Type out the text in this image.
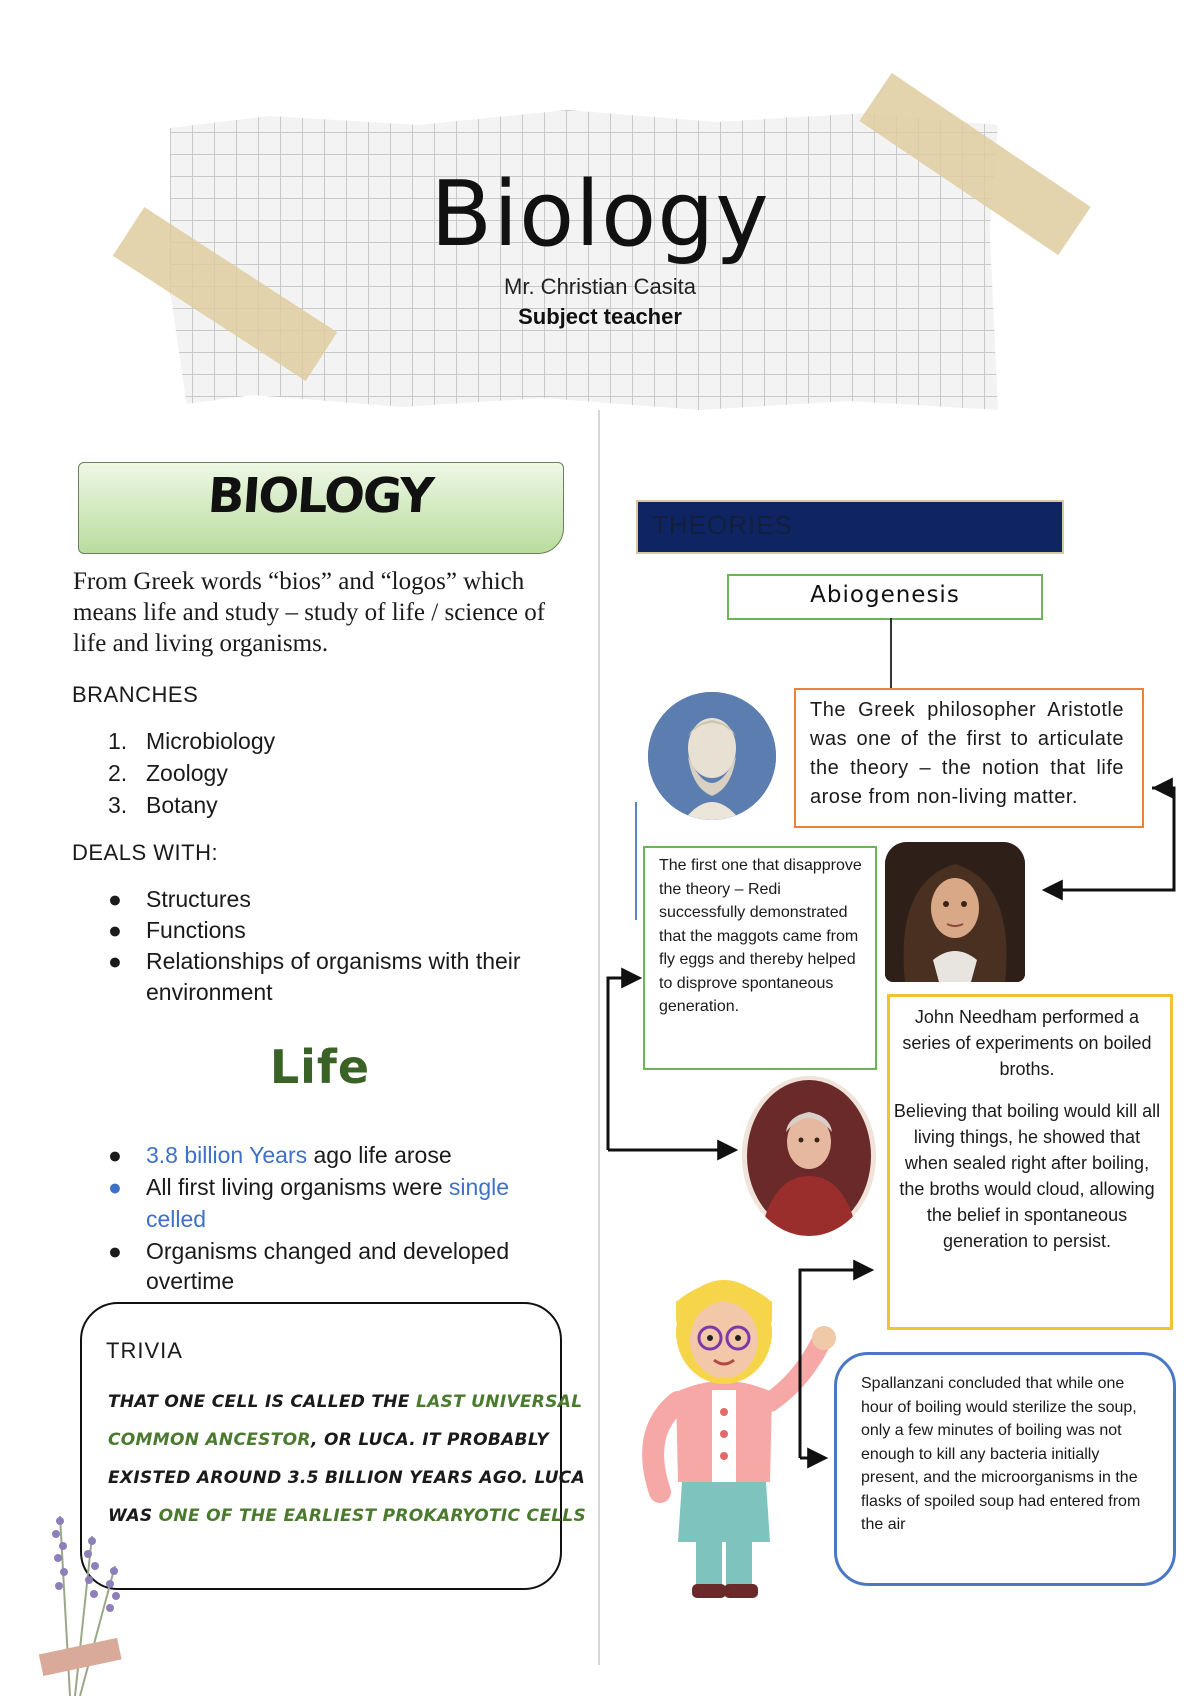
Biology
Mr. Christian Casita
Subject teacher
BIOLOGY
From Greek words “bios” and “logos” which means life and study – study of life / science of life and living organisms.
BRANCHES
1. Microbiology
2. Zoology
3. Botany
DEALS WITH:
● Structures
● Functions
● Relationships of organisms with their
environment
Life
● 3.8 billion Years ago life arose
● All first living organisms were single
celled
● Organisms changed and developed
overtime
TRIVIA
THAT ONE CELL IS CALLED THE LAST UNIVERSAL
COMMON ANCESTOR, OR LUCA. IT PROBABLY
EXISTED AROUND 3.5 BILLION YEARS AGO. LUCA
WAS ONE OF THE EARLIEST PROKARYOTIC CELLS
THEORIES
Abiogenesis
The Greek philosopher Aristotle was one of the first to articulate the theory – the notion that life arose from non-living matter.
The first one that disapprove the theory – Redi successfully demonstrated that the maggots came from fly eggs and thereby helped to disprove spontaneous generation.
John Needham performed a series of experiments on boiled broths.
Believing that boiling would kill all living things, he showed that when sealed right after boiling, the broths would cloud, allowing the belief in spontaneous generation to persist.
Spallanzani concluded that while one hour of boiling would sterilize the soup, only a few minutes of boiling was not enough to kill any bacteria initially present, and the microorganisms in the flasks of spoiled soup had entered from the air
